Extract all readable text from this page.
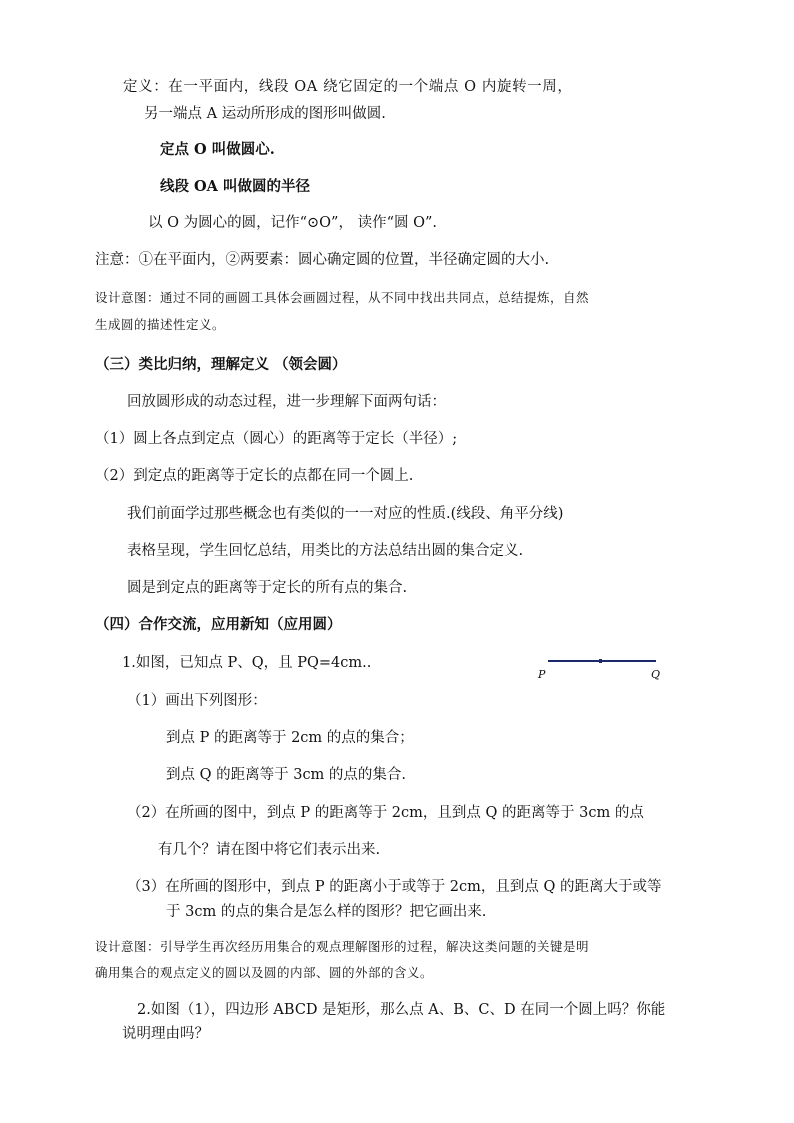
定义：在一平面内，线段 OA 绕它固定的一个端点 O 内旋转一周，
另一端点 A 运动所形成的图形叫做圆.
定点 O 叫做圆心.
线段 OA 叫做圆的半径
以 O 为圆心的圆，记作“⊙O”， 读作“圆 O”.
注意：①在平面内，②两要素：圆心确定圆的位置，半径确定圆的大小.
设计意图：通过不同的画圆工具体会画圆过程，从不同中找出共同点，总结提炼，自然
生成圆的描述性定义。
（三）类比归纳，理解定义 （领会圆）
回放圆形成的动态过程，进一步理解下面两句话：
（1）圆上各点到定点（圆心）的距离等于定长（半径）;
（2）到定点的距离等于定长的点都在同一个圆上.
我们前面学过那些概念也有类似的一一对应的性质.(线段、角平分线)
表格呈现，学生回忆总结，用类比的方法总结出圆的集合定义.
圆是到定点的距离等于定长的所有点的集合.
（四）合作交流，应用新知（应用圆）
1.如图，已知点 P、Q，且 PQ=4cm..
P	Q
（1）画出下列图形：
到点 P 的距离等于 2cm 的点的集合；
到点 Q 的距离等于 3cm 的点的集合.
（2）在所画的图中，到点 P 的距离等于 2cm，且到点 Q 的距离等于 3cm 的点
有几个？请在图中将它们表示出来.
（3）在所画的图形中，到点 P 的距离小于或等于 2cm，且到点 Q 的距离大于或等
于 3cm 的点的集合是怎么样的图形？把它画出来.
设计意图：引导学生再次经历用集合的观点理解图形的过程，解决这类问题的关键是明
确用集合的观点定义的圆以及圆的内部、圆的外部的含义。
2.如图（1），四边形 ABCD 是矩形，那么点 A、B、C、D 在同一个圆上吗？你能
说明理由吗？
